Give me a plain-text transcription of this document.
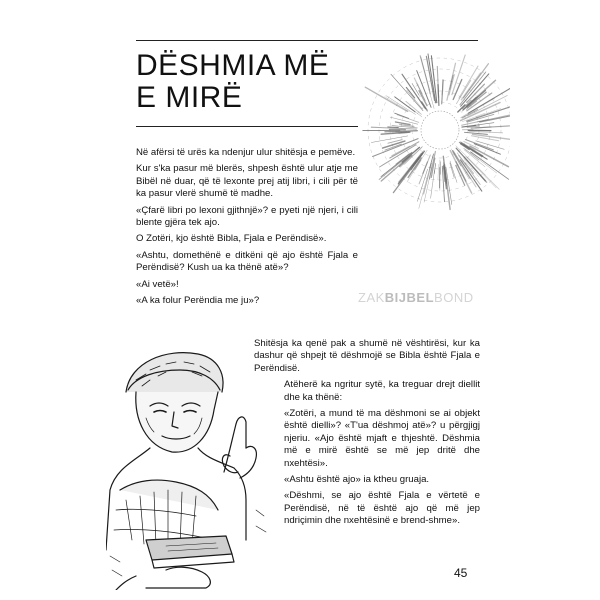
DËSHMIA MË
E MIRË

Në afërsi të urës ka ndenjur ulur shitësja e pemëve.

Kur s'ka pasur më blerës, shpesh është ulur atje me Bibël në duar, që të lexonte prej atij libri, i cili për të ka pasur vlerë shumë të madhe.

«Çfarë libri po lexoni gjithnjë»? e pyeti një njeri, i cili blente gjëra tek ajo.

O Zotëri, kjo është Bibla, Fjala e Perëndisë».

«Ashtu, domethënë e ditkëni që ajo është Fjala e Perëndisë? Kush ua ka thënë atë»?

«Ai vetë»!

«A ka folur Perëndia me ju»?	ZAKBIJBELBOND

Shitësja ka qenë pak a shumë në vështirësi, kur ka dashur që shpejt të dëshmojë se Bibla është Fjala e Perëndisë.

Atëherë ka ngritur sytë, ka treguar drejt diellit dhe ka thënë:

«Zotëri, a mund të ma dëshmoni se ai objekt është dielli»? «T'ua dëshmoj atë»? u përgjigj njeriu. «Ajo është mjaft e thjeshtë. Dëshmia më e mirë është se më jep dritë dhe nxehtësi».

«Ashtu është ajo» ia ktheu gruaja.

«Dëshmi, se ajo është Fjala e vërtetë e Perëndisë, në të është ajo që më jep ndriçimin dhe nxehtësinë e brend-shme».

45
